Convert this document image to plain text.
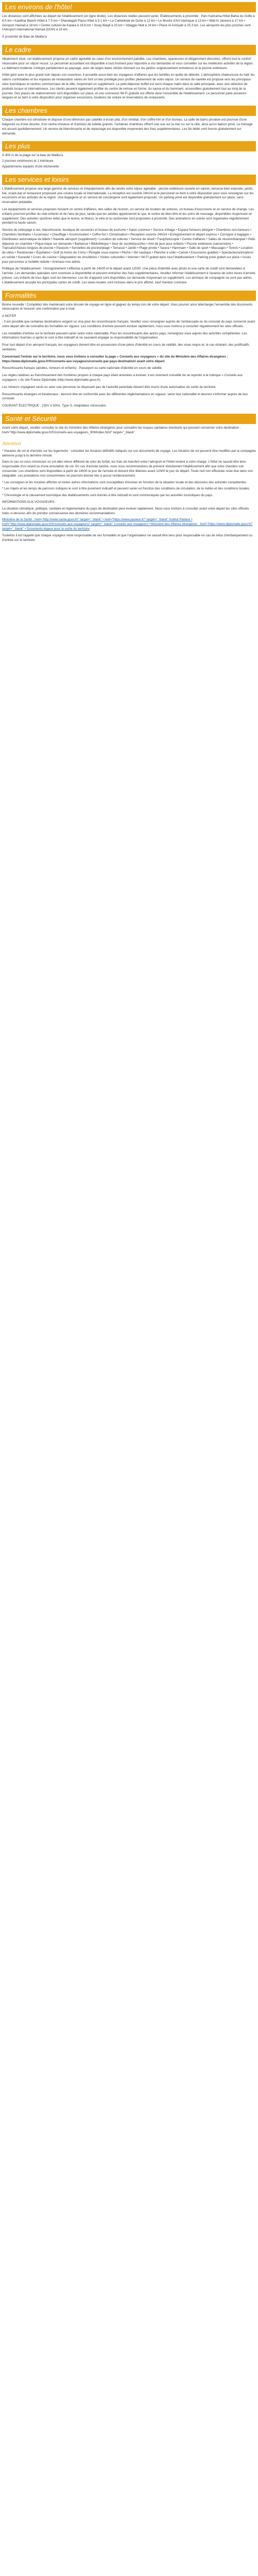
Les environs de l'hôtel

Les distances sont affichées au départ de l'établissement (en ligne droite). Les distances réelles peuvent varier. Établissements à proximité : Parc Kahrama-Hôtel Bahia du Golfe à 6.5 km • Kawthar Beach Hôtel à 7.5 km • Shandagah Plaza Hôtel à 9.1 km • La Cathédrale de Doha à 12 km • Le Musée d'Art Islamique à 13 km • Mall Al Jazeera à 17 km • Aéroport Hamad à 18 km • Centre culturel de Katara à 19.8 km • Souq Waqif à 23 km • Villaggio Mall à 24 km • Place Al Aziziyah à 25.3 km. Les aéroports les plus proches sont l'Aéroport international Hamad (DOH) à 18 km.

À proximité de Baie de Malibu'a

Le cadre

Idéalement situé, cet établissement propose un cadre agréable au cœur d'un environnement paisible. Les chambres, spacieuses et élégamment décorées, offrent tout le confort nécessaire pour un séjour réussi. Le personnel accueillant est disponible à tout moment pour répondre à vos demandes et vous conseiller sur les meilleures activités de la région. Le bâtiment moderne s'intègre parfaitement au paysage, avec de larges baies vitrées donnant sur les jardins soigneusement entretenus et la piscine extérieure.

Hôtel géré avec le plus grand soin depuis son ouverture, il accueille aussi bien les voyageurs d'affaires que les familles en quête de détente. L'atmosphère chaleureuse du hall, les salons confortables et les espaces de restauration variés en font un lieu privilégié pour profiter pleinement de votre séjour. Un service de navette est proposé vers les principaux sites touristiques et centres commerciaux de la ville, moyennant un supplément. Le petit-déjeuner buffet est servi chaque matin dans la salle principale, avec une sélection de produits locaux et internationaux. Les clients peuvent également profiter du centre de remise en forme, du sauna et du hammam, accessibles gratuitement tout au long de la journée. Des places de stationnement sont disponibles sur place, et une connexion Wi-Fi gratuite est offerte dans l'ensemble de l'établissement. Le personnel parle plusieurs langues et se tient à votre disposition pour organiser excursions, locations de voiture et réservations de restaurants.

Les chambres

Chaque chambre est climatisée et dispose d'une télévision par satellite à écran plat, d'un minibar, d'un coffre-fort et d'un bureau. La salle de bains privative est pourvue d'une baignoire ou d'une douche, d'un sèche-cheveux et d'articles de toilette gratuits. Certaines chambres offrent une vue sur la mer ou sur la ville, ainsi qu'un balcon privé. Le ménage est assuré quotidiennement. Un service de blanchisserie et de repassage est disponible moyennant des frais supplémentaires. Les lits bébé sont fournis gratuitement sur demande.

Les plus

À 400 m de la plage sur la baie de Malibu'a

2 piscines extérieures et 1 intérieure

Appartements équipés d'une kitchenette

Les services et loisirs

L'établissement propose une large gamme de services et d'équipements afin de rendre votre séjour agréable : piscine extérieure ouverte en saison, terrasse bien exposée, jardin, bar, snack-bar et restaurant proposant une cuisine locale et internationale. La réception est ouverte 24h/24 et le personnel se tient à votre disposition pour vous renseigner sur les excursions et les activités de la région. Une bagagerie et un service de conciergerie sont également proposés. Un parking privé est disponible gratuitement sur place, sans réservation préalable.

Les équipements et services proposés incluent un centre d'affaires, des salles de réunion, un service de location de voitures, un bureau d'excursions et un service de change. Les enfants pourront profiter du club enfants et de l'aire de jeux, tandis que les adultes apprécieront le spa, le centre de bien-être et les soins de massage, disponibles moyennant un supplément. Des activités sportives telles que le tennis, le fitness, le vélo et la randonnée sont proposées à proximité. Des animations en soirée sont organisées régulièrement pendant la haute saison.

Service de nettoyage à sec, blanchisserie, boutique de souvenirs et bureau de tourisme • Salon commun • Service d'étage • Espace fumeurs désigné • Chambres non-fumeurs • Chambres familiales • Ascenseur • Chauffage • Insonorisation • Coffre-fort • Climatisation • Réception ouverte 24h/24 • Enregistrement et départ express • Consigne à bagages • Distributeur automatique de billets • Navette aéroport (supplément) • Location de voitures • Service de réveil • Fax/photocopie • Centre d'affaires • Salles de réunion/banquet • Petit-déjeuner en chambre • Pique-nique sur demande • Barbecue • Bibliothèque • Jeux de société/puzzles • Aire de jeux pour enfants • Piscine extérieure (saisonnière) • Transats/chaises longues de piscine • Parasols • Serviettes de piscine/plage • Terrasse • Jardin • Plage privée • Sauna • Hammam • Salle de sport • Massages • Tennis • Location de vélos • Randonnée • Équitation • Golf (à moins de 3 km) • Plongée sous-marine • Pêche • Ski nautique • Planche à voile • Canoë • Excursions guidées • Spectacles/animations en soirée • Karaoké • Cours de cuisine • Dégustation de vins/bières • Visites culturelles • Internet • Wi-Fi gratuit dans tout l'établissement • Parking privé gratuit sur place • Accès pour personnes à mobilité réduite • Animaux non admis

Politique de l'établissement : l'enregistrement s'effectue à partir de 14h00 et le départ avant 12h00. Une pièce d'identité avec photo et une carte de crédit sont demandées à l'arrivée. Les demandes spéciales sont soumises à disponibilité et peuvent entraîner des frais supplémentaires. Veuillez informer l'établissement à l'avance de votre heure d'arrivée prévue. Les enfants de tous âges sont les bienvenus. Les lits d'appoint sont disponibles sur demande moyennant un supplément. Les animaux de compagnie ne sont pas admis. L'établissement accepte les principales cartes de crédit. Les taxes locales sont incluses dans le prix affiché, sauf mention contraire.

Formalités

Bonne nouvelle ! Complétez dès maintenant votre dossier de voyage en ligne et gagnez du temps lors de votre départ. Vous pourrez ainsi télécharger l'ensemble des documents nécessaires et recevoir une confirmation par e-mail.

A NOTER

- Il est possible que certaines destinations exigent un visa pour les ressortissants français. Veuillez vous renseigner auprès de l'ambassade ou du consulat du pays concerné avant votre départ afin de connaître les formalités en vigueur. Les conditions d'entrée peuvent évoluer rapidement, nous vous invitons à consulter régulièrement les sites officiels.

Les modalités d'entrée sur le territoire peuvent varier selon votre nationalité. Pour les ressortissants des autres pays, renseignez-vous auprès des autorités compétentes. Les informations fournies ci-après le sont à titre indicatif et ne sauraient engager la responsabilité de l'organisateur.

Pour tout départ d'un aéroport français, les voyageurs doivent être en possession d'une pièce d'identité en cours de validité, des visas requis et, le cas échéant, des justificatifs sanitaires.

Concernant l'entrée sur le territoire, nous vous invitons à consulter la page « Conseils aux voyageurs » du site du Ministère des Affaires étrangères : https://www.diplomatie.gouv.fr/fr/conseils-aux-voyageurs/conseils-par-pays-destination/ avant votre départ.

Ressortissants français (adultes, mineurs et enfants) : Passeport ou carte nationale d'identité en cours de validité.

Les règles relatives au franchissement des frontières propres à chaque pays étant amenées à évoluer, il est vivement conseillé de se reporter à la rubrique « Conseils aux voyageurs » du site France Diplomatie (http://www.diplomatie.gouv.fr).

Les mineurs voyageant seuls ou avec une personne ne disposant pas de l'autorité parentale doivent être munis d'une autorisation de sortie du territoire.

Ressortissants étrangers et binationaux : devront être en conformité avec les différentes réglementations en vigueur, selon leur nationalité et devront s'informer auprès de leur consulat.

COURANT ÉLECTRIQUE : 230V à 50Hz. Type G. Adaptateur nécessaire.

Santé et Sécurité

Avant votre départ, veuillez consulter le site du ministère des Affaires étrangères pour connaître les risques sanitaires éventuels qui peuvent concerner votre destination : href="http://www.diplomatie.gouv.fr/fr/conseils-aux-voyageurs_909/index.html" target="_blank"

Attention

* Horaires de vol et d'arrivée sur les logements : consultez les horaires définitifs indiqués sur vos documents de voyage. Les horaires de vol peuvent être modifiés par la compagnie aérienne jusqu'à la dernière minute.

Dans le cas où vous choisissez un vol aller-retour différent de celui du forfait, les frais de transfert entre l'aéroport et l'hôtel restent à votre charge. L'hôtel ne saurait être tenu responsable d'un retard ou d'une annulation de vol. En cas d'arrivée tardive, nous vous recommandons de prévenir directement l'établissement afin que votre chambre soit conservée. Les chambres sont disponibles à partir de 14h00 le jour de l'arrivée et doivent être libérées avant 12h00 le jour du départ. Toute nuit non effectuée reste due dans son intégralité. Les prestations non consommées ne pourront donner lieu à aucun remboursement.

* Les consignes et les horaires affichés et toutes autres informations sont susceptibles d'évoluer en fonction de la situation locale et des décisions des autorités compétentes.

* Les trajets et les temps de parcours indiqués le sont à titre purement indicatif et peuvent varier en fonction des conditions de circulation, de la météo et des conditions locales.

* Chronologie et le classement touristique des établissements sont donnés à titre indicatif et sont communiqués par les autorités touristiques du pays.

INFORMATIONS AUX VOYAGEURS :

La situation climatique, politique, sanitaire et réglementaire du pays de destination peut évoluer rapidement. Nous vous invitons à consulter avant votre départ les sites officiels listés ci-dessous afin de prendre connaissance des dernières recommandations.

Ministère de la Santé : href="http://www.sante.gouv.fr/" target="_blank" • href="https://www.pasteur.fr/" target="_blank" Institut Pasteur • href="http://www.diplomatie.gouv.fr/fr/conseils-aux-voyageurs/" target="_blank" Conseils aux voyageurs • Ministère des Affaires étrangères : href="https://www.diplomatie.gouv.fr/" target="_blank" • Documents légaux pour la sortie du territoire

Toutefois il est rappelé que chaque voyageur reste responsable de ses formalités et que l'organisateur ne saurait être tenu pour responsable en cas de refus d'embarquement ou d'entrée sur le territoire.
